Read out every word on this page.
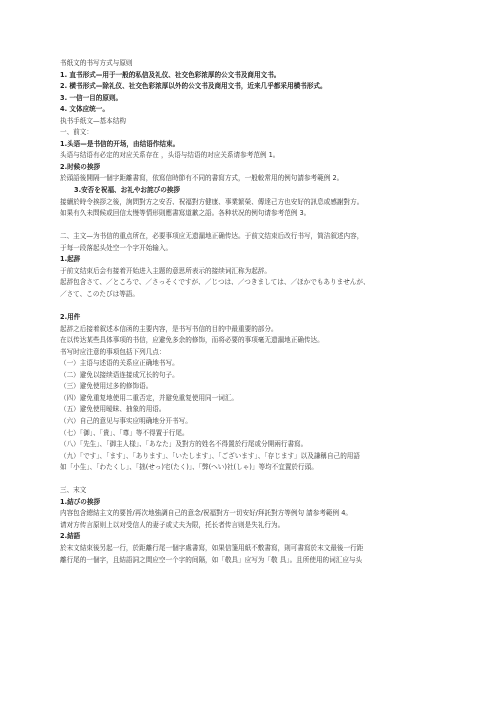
书纸文的书写方式与原则
1. 直书形式—用于一般的私信及礼仪、社交色彩浓厚的公文书及商用文书。
2. 横书形式—除礼仪、社交色彩浓厚以外的公文书及商用文书，近来几乎都采用横书形式。
3. 一信一目的原则。
4. 文体应统一。
执书手纸文—基本结构
一、前文：
1.头语—是书信的开场，由结语作结束。
头语与结语有必定的对应关系存在 ，头语与结语的对应关系请参考范例 1。
2.时候の挨拶
於頭語後開隔一個字距離書寫，依寫信時節有不同的書寫方式，一般較常用的例句請参考範例 2。
3.安否を祝福、お礼やお詫びの挨拶
接續於時令挨拶之後，詢問對方之安否、祝福對方健康、事業繁榮、傳達己方也安好的訊息或感謝對方。
如果有久未問候或回信太慢等情形則應書寫道歉之語。各种状况的例句请参考范例 3。
二、主文—为书信的重点所在，必要事项应无遗漏地正确传达。于前文结束后改行书写，简洁叙述内容，
于每一段落起头处空一个字开始输入。
1.起辞
于前文结束后会有接着开始进入主题的意思所表示的接续词汇称为起辞。
起辞包含さて、／ところで、／さっそくですが、／じつは、／つきましては、／ほかでもありませんが、
／さて、このたびは等語。
2.用件
起辞之后接着叙述本信函的主要内容，是书写书信的目的中最重要的部分。
在以传达某些具体事项的书信，应避免多余的修饰，而将必要的事项毫无遗漏地正确传达。
书写时应注意的事项包括下列几点：
（一）主语与述语的关系应正确地书写。
（二）避免以接续语连接成冗长的句子。
（三）避免使用过多的修饰语。
（四）避免重复地使用二重否定，并避免重复使用同一词汇。
（五）避免使用暧昧、抽象的用语。
（六）自己的意见与事实应明确地分开书写。
（七）「御」、「貴」、「尊」等不得置于行尾。
（八）「先生」、「御主人様」、「あなた」及對方的姓名不得置於行尾或分開兩行書寫。
（九）「です」、「ます」、「あります」、「いたします」、「ございます」、「存じます」以及謙稱自己的用語
如「小生」、「わたくし」、「拙(せっ)宅(たく)」、「弊(へい)社(しゃ)」等均不宜置於行頭。
三、末文
1.結びの挨拶
内容包含總結主文的要旨/再次地強調自己的意念/祝福對方一切安好/拜託對方等例句 請参考範例 4。
请对方传言原则上以对受信人的妻子或丈夫为限，托长者传言则是失礼行为。
2.結語
於末文結束後另起一行，於距離行尾一個字處書寫，如果信箋用紙不敷書寫，則可書寫於末文最後一行距
離行尾的一個字，且結語詞之間应空一个字的间隔，如「敬具」应写为「敬 具」。且所使用的词汇应与头
